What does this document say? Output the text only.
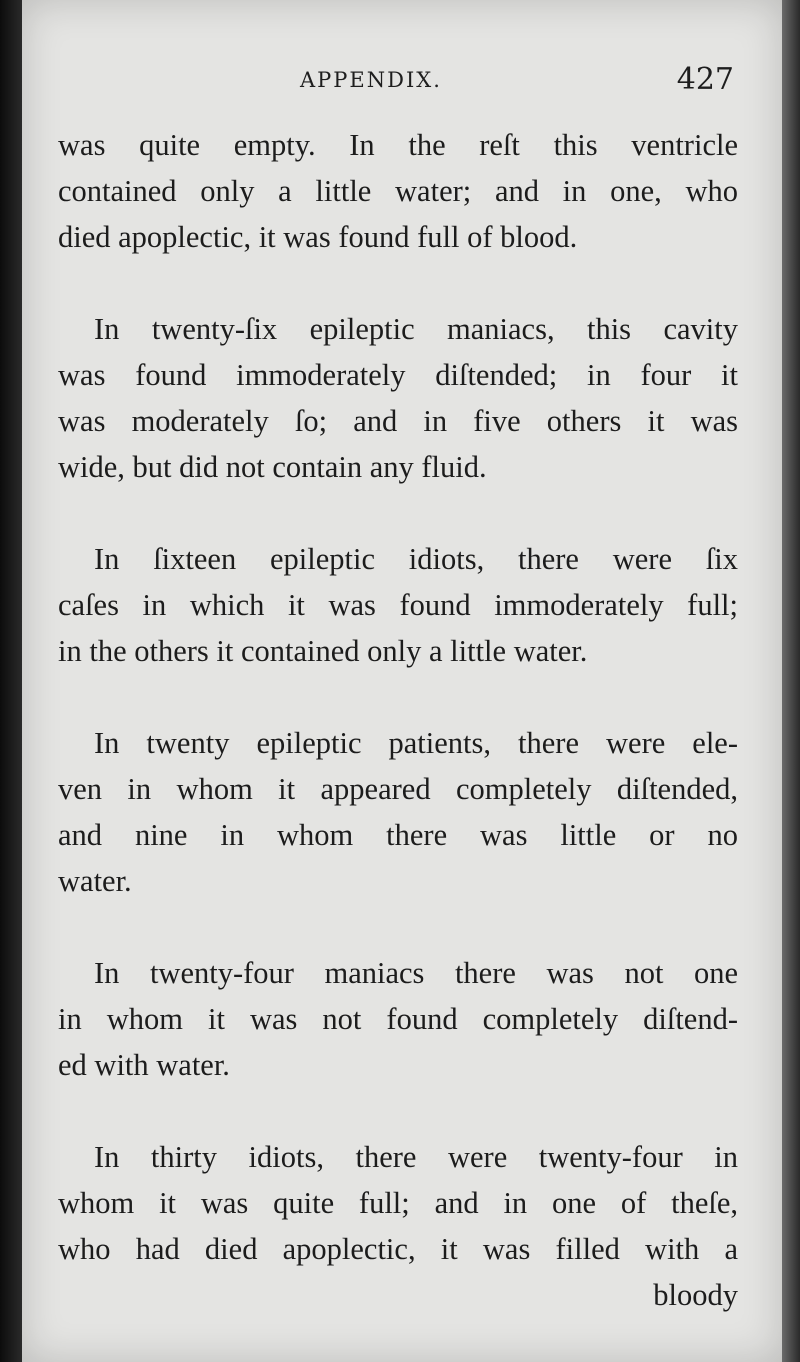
APPENDIX.	427

was quite empty. In the reſt this ventricle

contained only a little water; and in one, who

died apoplectic, it was found full of blood.

In twenty-ſix epileptic maniacs, this cavity

was found immoderately diſtended; in four it

was moderately ſo; and in five others it was

wide, but did not contain any fluid.

In ſixteen epileptic idiots, there were ſix

caſes in which it was found immoderately full;

in the others it contained only a little water.

In twenty epileptic patients, there were ele-

ven in whom it appeared completely diſtended,

and nine in whom there was little or no

water.

In twenty-four maniacs there was not one

in whom it was not found completely diſtend-

ed with water.

In thirty idiots, there were twenty-four in

whom it was quite full; and in one of theſe,

who had died apoplectic, it was filled with a

bloody
